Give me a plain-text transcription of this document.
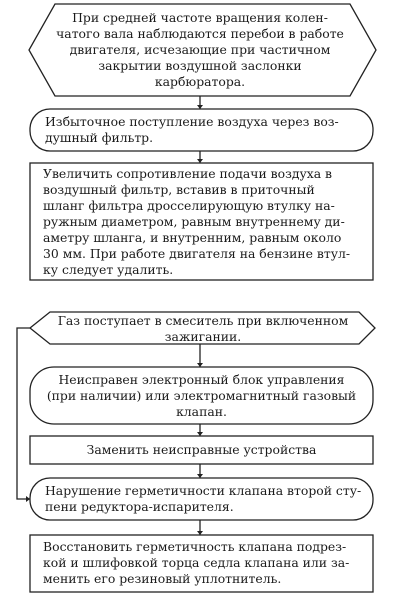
При средней частоте вращения колен-
чатого вала наблюдаются перебои в работе
двигателя, исчезающие при частичном
закрытии воздушной заслонки
карбюратора.
Избыточное поступление воздуха через воз-
душный фильтр.
Увеличить сопротивление подачи воздуха в
воздушный фильтр, вставив в приточный
шланг фильтра дросселирующую втулку на-
ружным диаметром, равным внутреннему ди-
аметру шланга, и внутренним, равным около
30 мм. При работе двигателя на бензине втул-
ку следует удалить.
Газ поступает в смеситель при включенном
зажигании.
Неисправен электронный блок управления
(при наличии) или электромагнитный газовый
клапан.
Заменить неисправные устройства
Нарушение герметичности клапана второй сту-
пени редуктора-испарителя.
Восстановить герметичность клапана подрез-
кой и шлифовкой торца седла клапана или за-
менить его резиновый уплотнитель.
